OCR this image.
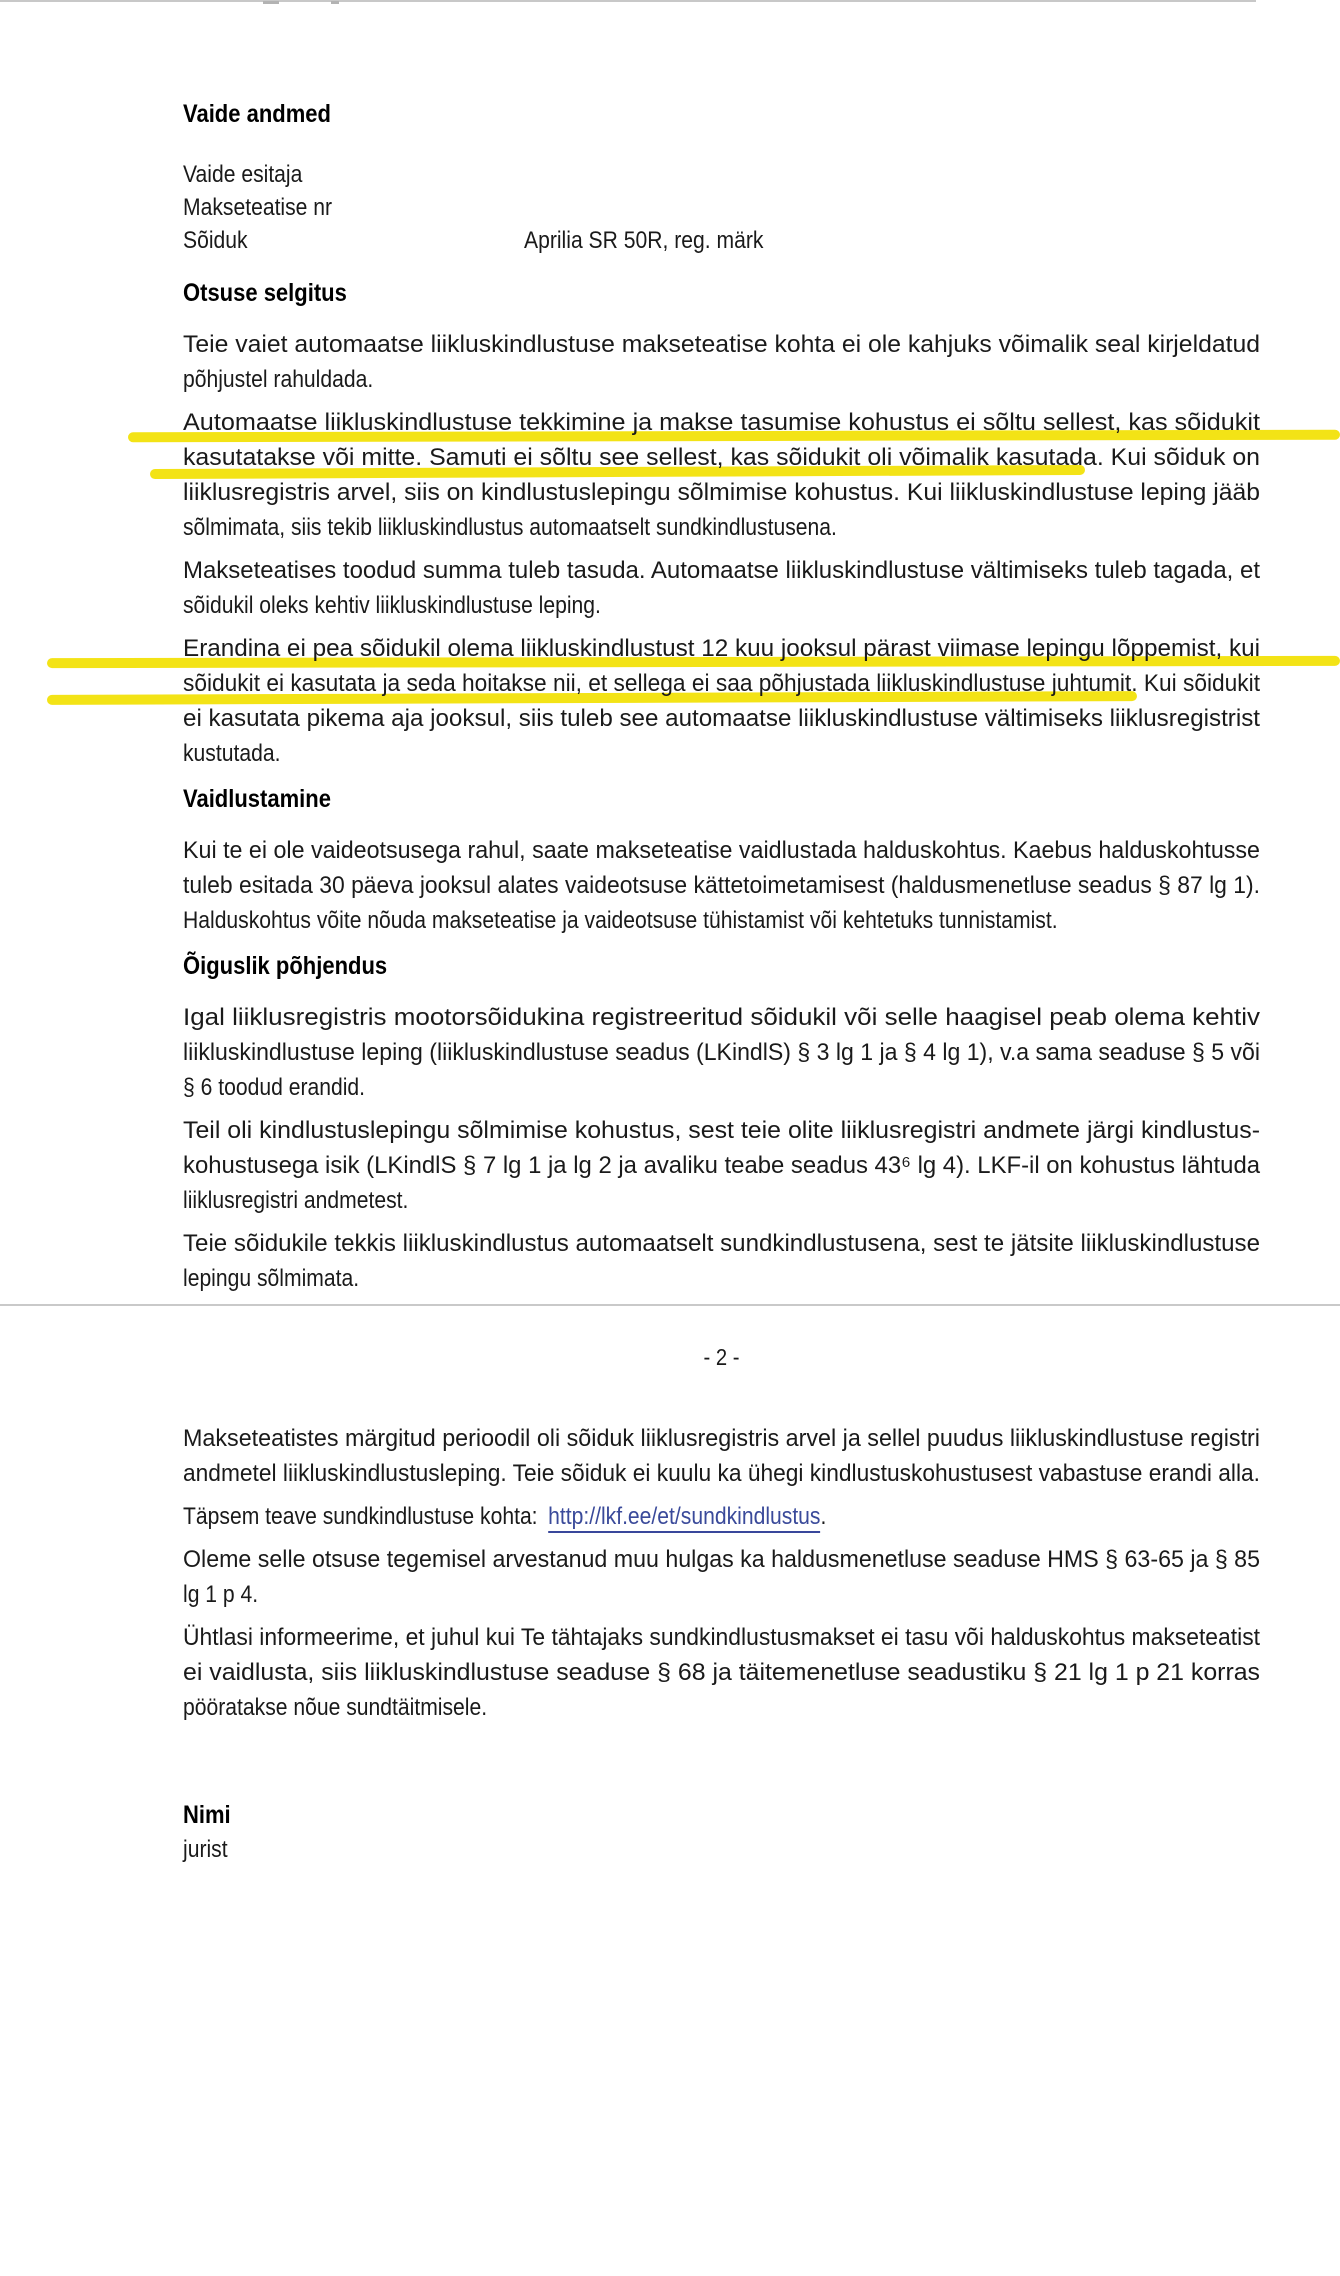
Vaide andmed
Vaide esitaja
Makseteatise nr
Sõiduk	Aprilia SR 50R, reg. märk
Otsuse selgitus
Teie vaiet automaatse liikluskindlustuse makseteatise kohta ei ole kahjuks võimalik seal kirjeldatud
põhjustel rahuldada.
Automaatse liikluskindlustuse tekkimine ja makse tasumise kohustus ei sõltu sellest, kas sõidukit
kasutatakse või mitte. Samuti ei sõltu see sellest, kas sõidukit oli võimalik kasutada. Kui sõiduk on
liiklusregistris arvel, siis on kindlustuslepingu sõlmimise kohustus. Kui liikluskindlustuse leping jääb
sõlmimata, siis tekib liikluskindlustus automaatselt sundkindlustusena.
Makseteatises toodud summa tuleb tasuda. Automaatse liikluskindlustuse vältimiseks tuleb tagada, et
sõidukil oleks kehtiv liikluskindlustuse leping.
Erandina ei pea sõidukil olema liikluskindlustust 12 kuu jooksul pärast viimase lepingu lõppemist, kui
sõidukit ei kasutata ja seda hoitakse nii, et sellega ei saa põhjustada liikluskindlustuse juhtumit. Kui sõidukit
ei kasutata pikema aja jooksul, siis tuleb see automaatse liikluskindlustuse vältimiseks liiklusregistrist
kustutada.
Vaidlustamine
Kui te ei ole vaideotsusega rahul, saate makseteatise vaidlustada halduskohtus. Kaebus halduskohtusse
tuleb esitada 30 päeva jooksul alates vaideotsuse kättetoimetamisest (haldusmenetluse seadus § 87 lg 1).
Halduskohtus võite nõuda makseteatise ja vaideotsuse tühistamist või kehtetuks tunnistamist.
Õiguslik põhjendus
Igal liiklusregistris mootorsõidukina registreeritud sõidukil või selle haagisel peab olema kehtiv
liikluskindlustuse leping (liikluskindlustuse seadus (LKindlS) § 3 lg 1 ja § 4 lg 1), v.a sama seaduse § 5 või
§ 6 toodud erandid.
Teil oli kindlustuslepingu sõlmimise kohustus, sest teie olite liiklusregistri andmete järgi kindlustus-
kohustusega isik (LKindlS § 7 lg 1 ja lg 2 ja avaliku teabe seadus 43⁶ lg 4). LKF-il on kohustus lähtuda
liiklusregistri andmetest.
Teie sõidukile tekkis liikluskindlustus automaatselt sundkindlustusena, sest te jätsite liikluskindlustuse
lepingu sõlmimata.
- 2 -
Makseteatistes märgitud perioodil oli sõiduk liiklusregistris arvel ja sellel puudus liikluskindlustuse registri
andmetel liikluskindlustusleping. Teie sõiduk ei kuulu ka ühegi kindlustuskohustusest vabastuse erandi alla.
Täpsem teave sundkindlustuse kohta: http://lkf.ee/et/sundkindlustus.
Oleme selle otsuse tegemisel arvestanud muu hulgas ka haldusmenetluse seaduse HMS § 63-65 ja § 85
lg 1 p 4.
Ühtlasi informeerime, et juhul kui Te tähtajaks sundkindlustusmakset ei tasu või halduskohtus makseteatist
ei vaidlusta, siis liikluskindlustuse seaduse § 68 ja täitemenetluse seadustiku § 21 lg 1 p 21 korras
pööratakse nõue sundtäitmisele.
Nimi
jurist
